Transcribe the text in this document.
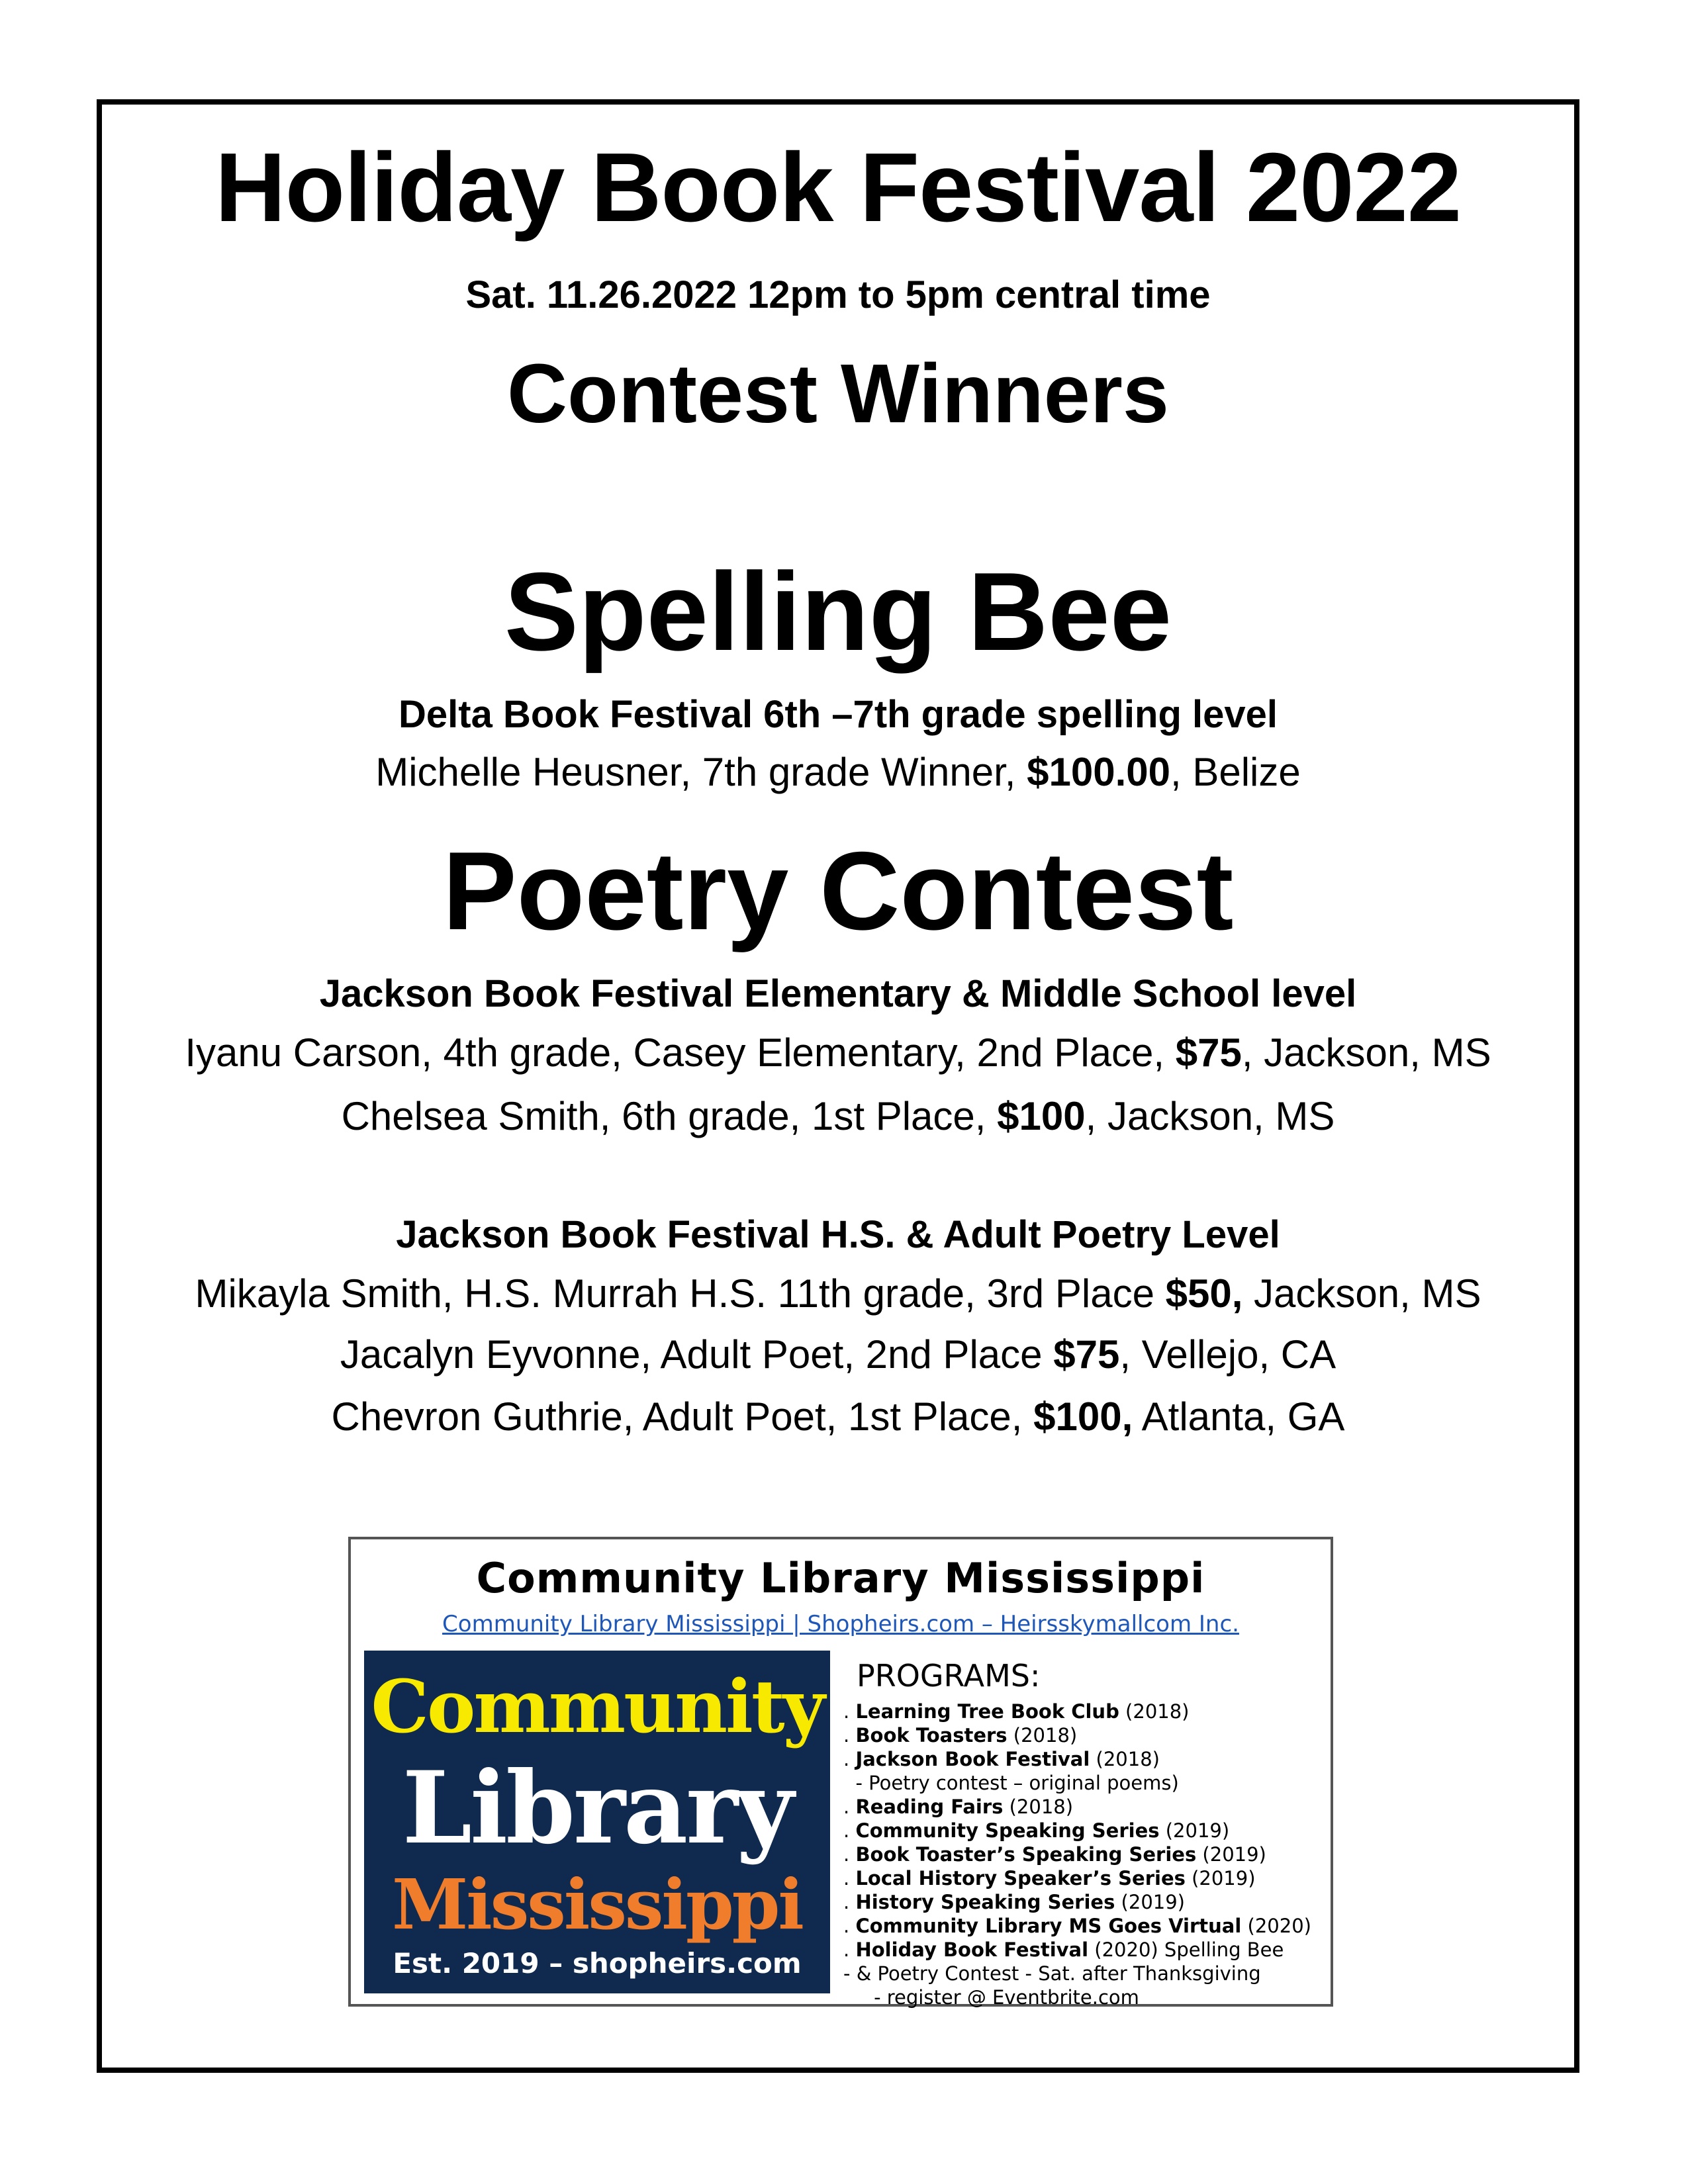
Holiday Book Festival 2022
Sat. 11.26.2022 12pm to 5pm central time
Contest Winners
Spelling Bee
Delta Book Festival 6th –7th grade spelling level
Michelle Heusner, 7th grade Winner, $100.00, Belize
Poetry Contest
Jackson Book Festival Elementary & Middle School level
Iyanu Carson, 4th grade, Casey Elementary, 2nd Place, $75, Jackson, MS
Chelsea Smith, 6th grade, 1st Place, $100, Jackson, MS
Jackson Book Festival H.S. & Adult Poetry Level
Mikayla Smith, H.S. Murrah H.S. 11th grade, 3rd Place $50, Jackson, MS
Jacalyn Eyvonne, Adult Poet, 2nd Place $75, Vellejo, CA
Chevron Guthrie, Adult Poet, 1st Place, $100, Atlanta, GA
Community Library Mississippi
Community Library Mississippi | Shopheirs.com – Heirsskymallcom Inc.
Community
Library
Mississippi
Est. 2019 – shopheirs.com
PROGRAMS:
. Learning Tree Book Club (2018)
. Book Toasters (2018)
. Jackson Book Festival (2018)
- Poetry contest – original poems)
. Reading Fairs (2018)
. Community Speaking Series (2019)
. Book Toaster’s Speaking Series (2019)
. Local History Speaker’s Series (2019)
. History Speaking Series (2019)
. Community Library MS Goes Virtual (2020)
. Holiday Book Festival (2020) Spelling Bee
- & Poetry Contest - Sat. after Thanksgiving
- register @ Eventbrite.com
